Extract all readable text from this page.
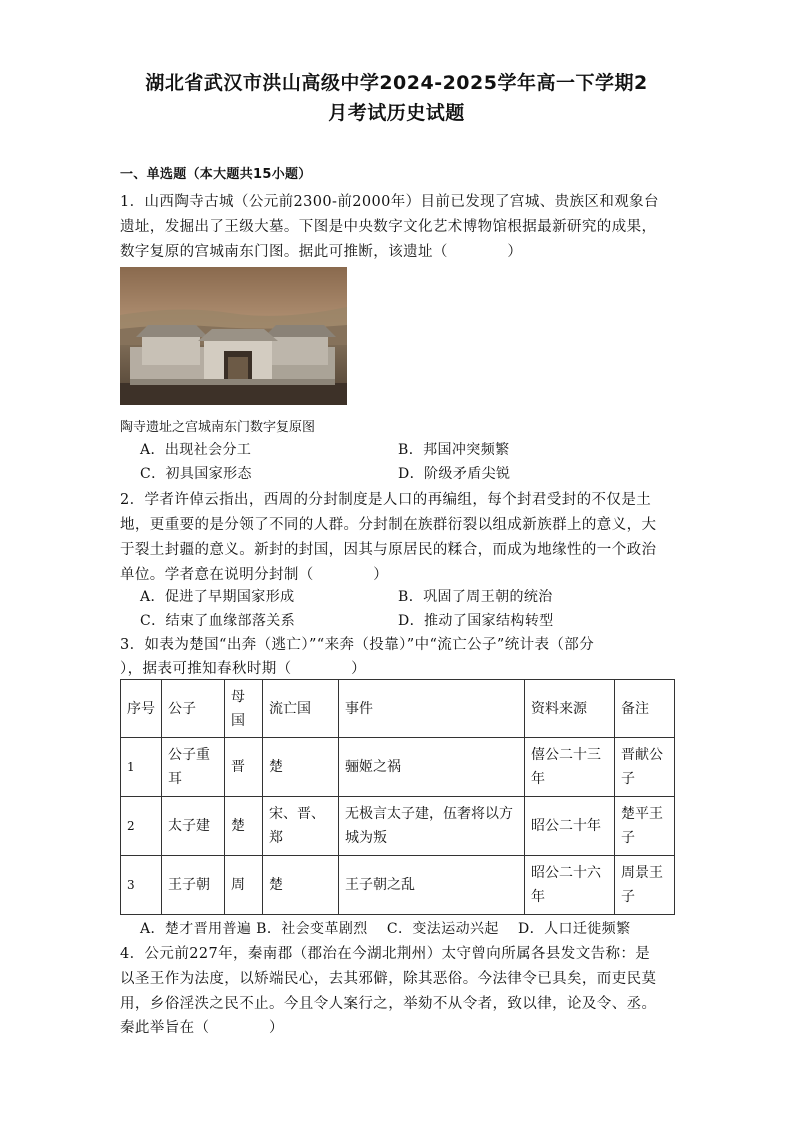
湖北省武汉市洪山高级中学2024-2025学年高一下学期2
月考试历史试题
一、单选题（本大题共15小题）
1．山西陶寺古城（公元前2300-前2000年）目前已发现了宫城、贵族区和观象台
遗址，发掘出了王级大墓。下图是中央数字文化艺术博物馆根据最新研究的成果，
数字复原的宫城南东门图。据此可推断，该遗址（　　　　）
陶寺遗址之宫城南东门数字复原图
A．出现社会分工	B．邦国冲突频繁
C．初具国家形态	D．阶级矛盾尖锐
2．学者许倬云指出，西周的分封制度是人口的再编组，每个封君受封的不仅是土
地，更重要的是分领了不同的人群。分封制在族群衍裂以组成新族群上的意义，大
于裂土封疆的意义。新封的封国，因其与原居民的糅合，而成为地缘性的一个政治
单位。学者意在说明分封制（　　　　）
A．促进了早期国家形成	B．巩固了周王朝的统治
C．结束了血缘部落关系	D．推动了国家结构转型
3．如表为楚国“出奔（逃亡）”“来奔（投靠）”中“流亡公子”统计表（部分
），据表可推知春秋时期（　　　　）
序号	公子	母国	流亡国	事件	资料来源	备注
1	公子重耳	晋	楚	骊姬之祸	僖公二十三年	晋献公子
2	太子建	楚	宋、晋、郑	无极言太子建，伍奢将以方城为叛	昭公二十年	楚平王子
3	王子朝	周	楚	王子朝之乱	昭公二十六年	周景王子
A．楚才晋用普遍 B．社会变革剧烈　 C．变法运动兴起　 D．人口迁徙频繁
4．公元前227年，秦南郡（郡治在今湖北荆州）太守曾向所属各县发文告称：是
以圣王作为法度，以矫端民心，去其邪僻，除其恶俗。今法律令已具矣，而吏民莫
用，乡俗淫泆之民不止。今且令人案行之，举劾不从令者，致以律，论及令、丞。
秦此举旨在（　　　　）
